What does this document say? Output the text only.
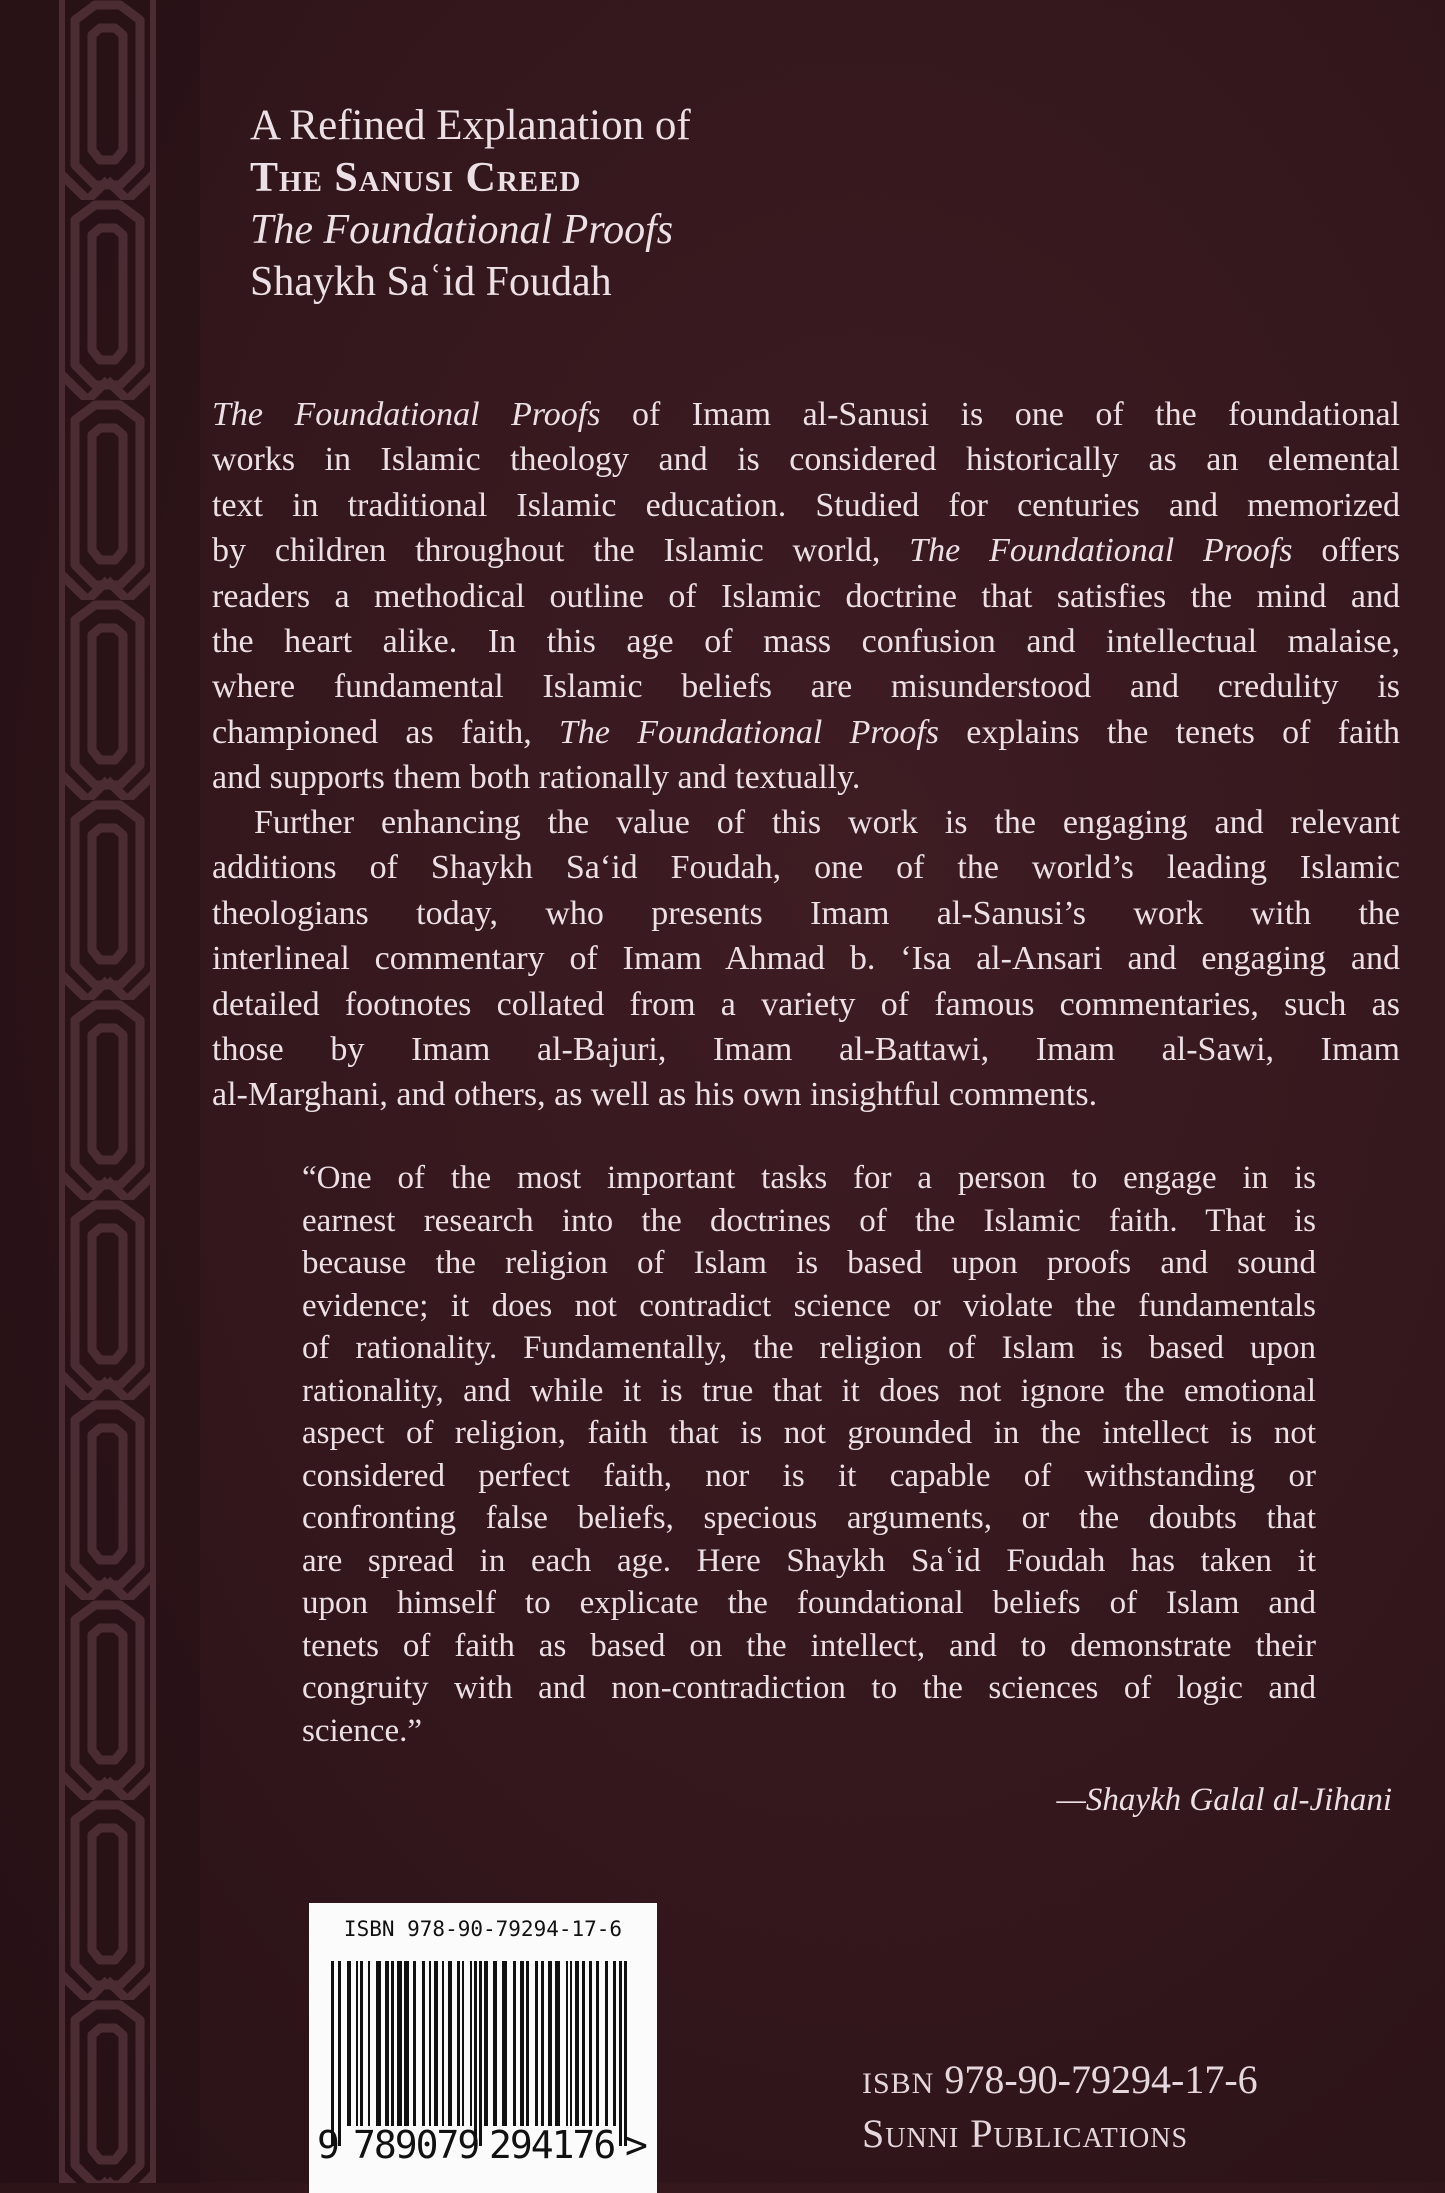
A Refined Explanation of
The Sanusi Creed
The Foundational Proofs
Shaykh Saʿid Foudah
The Foundational Proofs of Imam al-Sanusi is one of the foundational
works in Islamic theology and is considered historically as an elemental
text in traditional Islamic education. Studied for centuries and memorized
by children throughout the Islamic world, The Foundational Proofs offers
readers a methodical outline of Islamic doctrine that satisfies the mind and
the heart alike. In this age of mass confusion and intellectual malaise,
where fundamental Islamic beliefs are misunderstood and credulity is
championed as faith, The Foundational Proofs explains the tenets of faith
and supports them both rationally and textually.
Further enhancing the value of this work is the engaging and relevant
additions of Shaykh Sa‘id Foudah, one of the world’s leading Islamic
theologians today, who presents Imam al-Sanusi’s work with the
interlineal commentary of Imam Ahmad b. ‘Isa al-Ansari and engaging and
detailed footnotes collated from a variety of famous commentaries, such as
those by Imam al-Bajuri, Imam al-Battawi, Imam al-Sawi, Imam
al-Marghani, and others, as well as his own insightful comments.
“One of the most important tasks for a person to engage in is
earnest research into the doctrines of the Islamic faith. That is
because the religion of Islam is based upon proofs and sound
evidence; it does not contradict science or violate the fundamentals
of rationality. Fundamentally, the religion of Islam is based upon
rationality, and while it is true that it does not ignore the emotional
aspect of religion, faith that is not grounded in the intellect is not
considered perfect faith, nor is it capable of withstanding or
confronting false beliefs, specious arguments, or the doubts that
are spread in each age. Here Shaykh Saʿid Foudah has taken it
upon himself to explicate the foundational beliefs of Islam and
tenets of faith as based on the intellect, and to demonstrate their
congruity with and non-contradiction to the sciences of logic and
science.”
—Shaykh Galal al-Jihani
ISBN 978-90-79294-17-6
9 789079 294176 >
ISBN 978-90-79294-17-6
Sunni Publications
